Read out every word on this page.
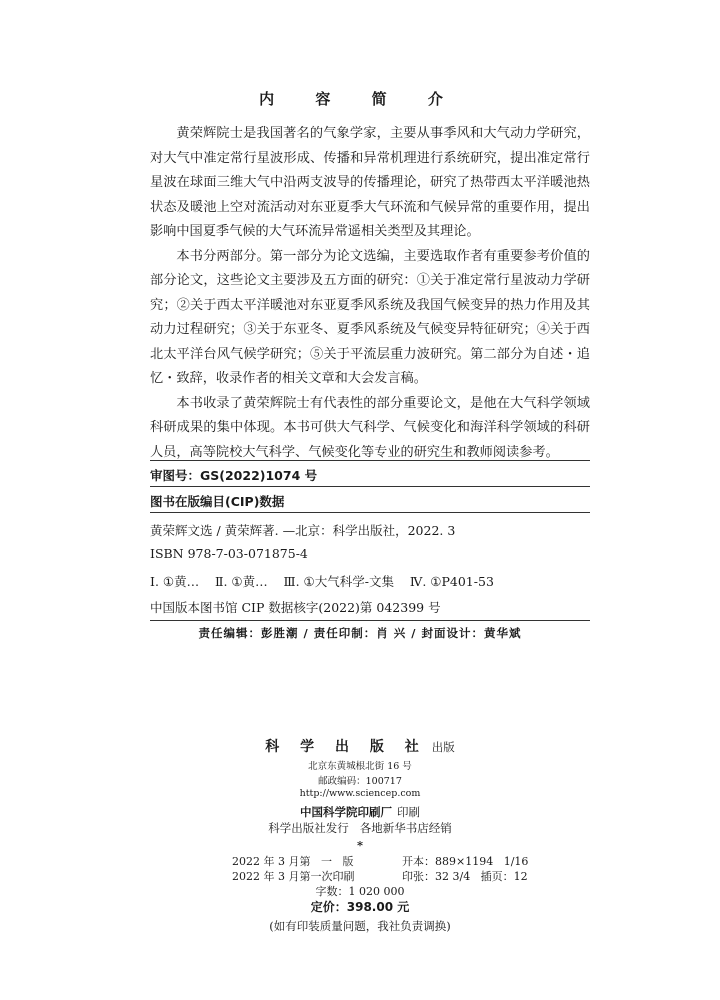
内 容 简 介

黄荣辉院士是我国著名的气象学家，主要从事季风和大气动力学研究，对大气中准定常行星波形成、传播和异常机理进行系统研究，提出准定常行星波在球面三维大气中沿两支波导的传播理论，研究了热带西太平洋暖池热状态及暖池上空对流活动对东亚夏季大气环流和气候异常的重要作用，提出影响中国夏季气候的大气环流异常遥相关类型及其理论。

本书分两部分。第一部分为论文选编，主要选取作者有重要参考价值的部分论文，这些论文主要涉及五方面的研究：①关于准定常行星波动力学研究；②关于西太平洋暖池对东亚夏季风系统及我国气候变异的热力作用及其动力过程研究；③关于东亚冬、夏季风系统及气候变异特征研究；④关于西北太平洋台风气候学研究；⑤关于平流层重力波研究。第二部分为自述・追忆・致辞，收录作者的相关文章和大会发言稿。

本书收录了黄荣辉院士有代表性的部分重要论文，是他在大气科学领域科研成果的集中体现。本书可供大气科学、气候变化和海洋科学领域的科研人员，高等院校大气科学、气候变化等专业的研究生和教师阅读参考。

审图号：GS(2022)1074 号
图书在版编目(CIP)数据
黄荣辉文选 / 黄荣辉著. —北京：科学出版社，2022. 3
ISBN 978-7-03-071875-4
Ⅰ. ①黄…    Ⅱ. ①黄…    Ⅲ. ①大气科学-文集    Ⅳ. ①P401-53
中国版本图书馆 CIP 数据核字(2022)第 042399 号
责任编辑：彭胜潮 / 责任印制：肖 兴 / 封面设计：黄华斌
科 学 出 版 社 出版
北京东黄城根北街 16 号
邮政编码：100717
http://www.sciencep.com
中国科学院印刷厂 印刷
科学出版社发行   各地新华书店经销
*
2022 年 3 月第   一   版	开本：889×1194   1/16
2022 年 3 月第一次印刷	印张：32 3/4   插页：12
字数：1 020 000
定价：398.00 元
(如有印装质量问题，我社负责调换)
